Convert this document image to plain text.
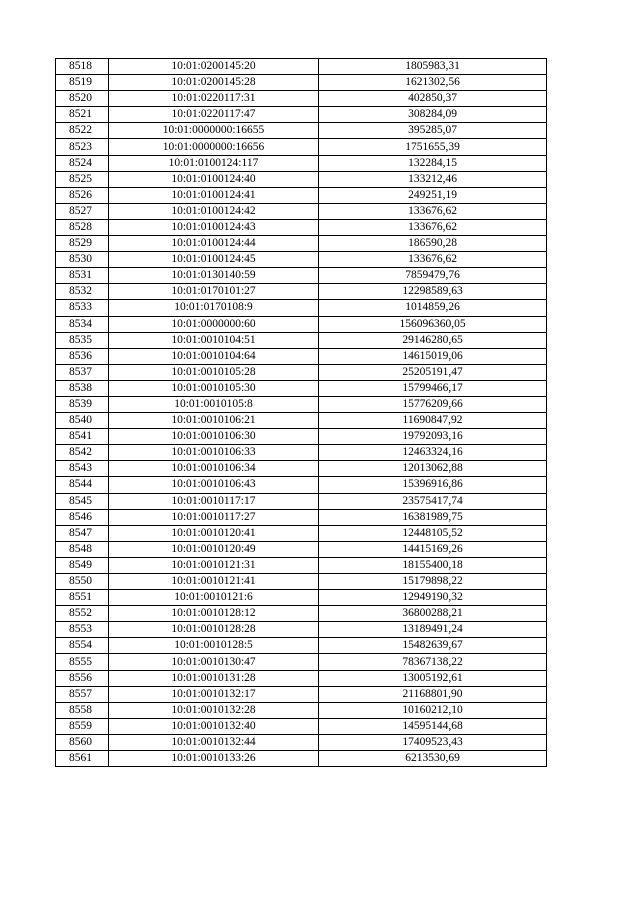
8518	10:01:0200145:20	1805983,31
8519	10:01:0200145:28	1621302,56
8520	10:01:0220117:31	402850,37
8521	10:01:0220117:47	308284,09
8522	10:01:0000000:16655	395285,07
8523	10:01:0000000:16656	1751655,39
8524	10:01:0100124:117	132284,15
8525	10:01:0100124:40	133212,46
8526	10:01:0100124:41	249251,19
8527	10:01:0100124:42	133676,62
8528	10:01:0100124:43	133676,62
8529	10:01:0100124:44	186590,28
8530	10:01:0100124:45	133676,62
8531	10:01:0130140:59	7859479,76
8532	10:01:0170101:27	12298589,63
8533	10:01:0170108:9	1014859,26
8534	10:01:0000000:60	156096360,05
8535	10:01:0010104:51	29146280,65
8536	10:01:0010104:64	14615019,06
8537	10:01:0010105:28	25205191,47
8538	10:01:0010105:30	15799466,17
8539	10:01:0010105:8	15776209,66
8540	10:01:0010106:21	11690847,92
8541	10:01:0010106:30	19792093,16
8542	10:01:0010106:33	12463324,16
8543	10:01:0010106:34	12013062,88
8544	10:01:0010106:43	15396916,86
8545	10:01:0010117:17	23575417,74
8546	10:01:0010117:27	16381989,75
8547	10:01:0010120:41	12448105,52
8548	10:01:0010120:49	14415169,26
8549	10:01:0010121:31	18155400,18
8550	10:01:0010121:41	15179898,22
8551	10:01:0010121:6	12949190,32
8552	10:01:0010128:12	36800288,21
8553	10:01:0010128:28	13189491,24
8554	10:01:0010128:5	15482639,67
8555	10:01:0010130:47	78367138,22
8556	10:01:0010131:28	13005192,61
8557	10:01:0010132:17	21168801,90
8558	10:01:0010132:28	10160212,10
8559	10:01:0010132:40	14595144,68
8560	10:01:0010132:44	17409523,43
8561	10:01:0010133:26	6213530,69
